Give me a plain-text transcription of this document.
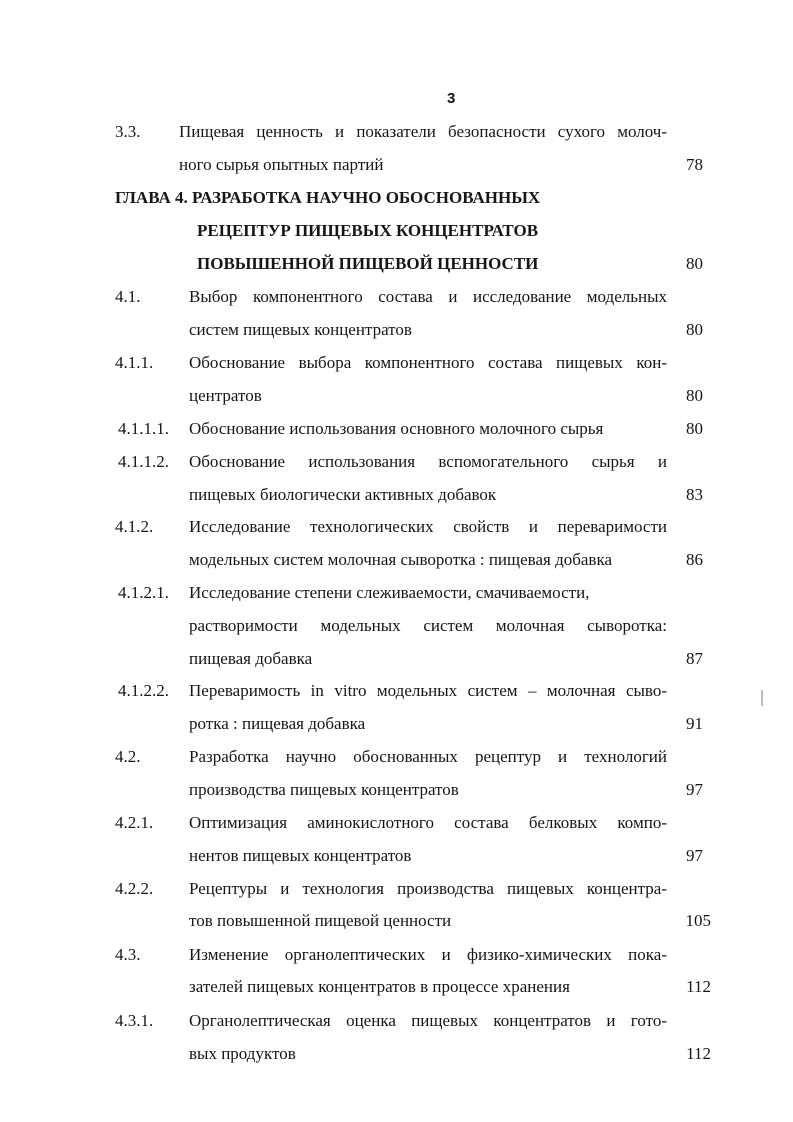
3
3.3. Пищевая ценность и показатели безопасности сухого молоч-
ного сырья опытных партий	78
ГЛАВА 4. РАЗРАБОТКА НАУЧНО ОБОСНОВАННЫХ
РЕЦЕПТУР ПИЩЕВЫХ КОНЦЕНТРАТОВ
ПОВЫШЕННОЙ ПИЩЕВОЙ ЦЕННОСТИ	80
4.1.	Выбор компонентного состава и исследование модельных
систем пищевых концентратов	80
4.1.1. Обоснование выбора компонентного состава пищевых кон-
центратов	80
4.1.1.1. Обоснование использования основного молочного сырья	80
4.1.1.2. Обоснование использования вспомогательного сырья и
пищевых биологически активных добавок	83
4.1.2. Исследование технологических свойств и переваримости
модельных систем молочная сыворотка : пищевая добавка	86
4.1.2.1. Исследование степени слеживаемости, смачиваемости,
растворимости модельных систем молочная сыворотка:
пищевая добавка	87
4.1.2.2. Переваримость in vitro модельных систем – молочная сыво-
ротка : пищевая добавка	91
4.2.	Разработка научно обоснованных рецептур и технологий
производства пищевых концентратов	97
4.2.1. Оптимизация аминокислотного состава белковых компо-
нентов пищевых концентратов	97
4.2.2. Рецептуры и технология производства пищевых концентра-
тов повышенной пищевой ценности	105
4.3.	Изменение органолептических и физико-химических пока-
зателей пищевых концентратов в процессе хранения	112
4.3.1. Органолептическая оценка пищевых концентратов и гото-
вых продуктов	112
